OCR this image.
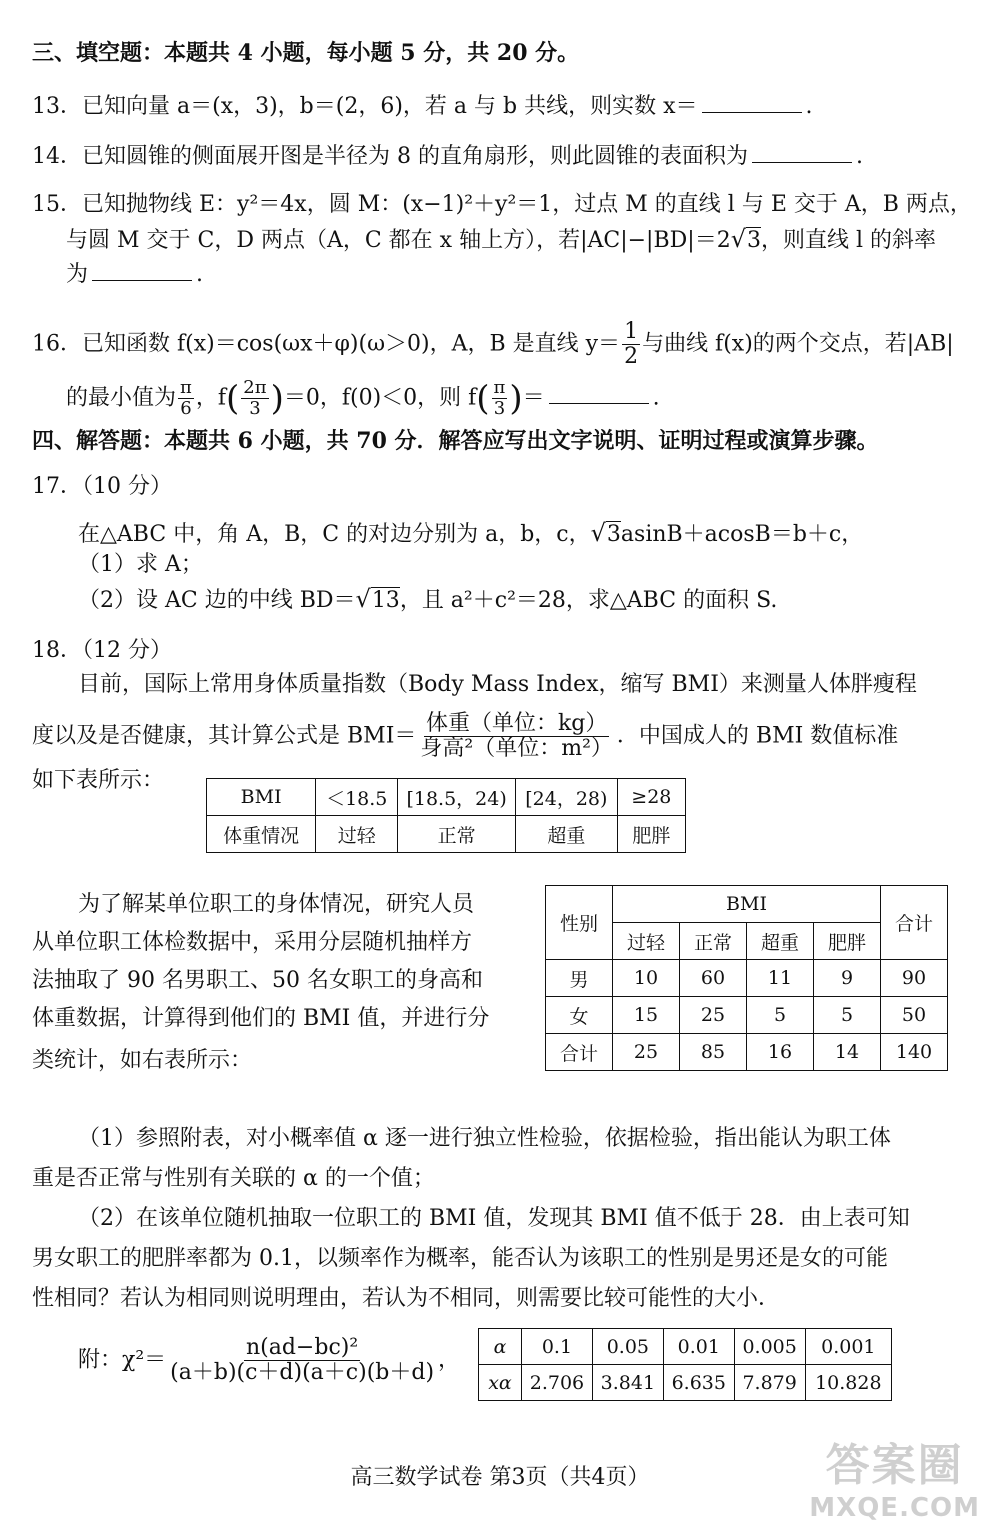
三、填空题：本题共 4 小题，每小题 5 分，共 20 分。
13．已知向量 a＝(x，3)，b＝(2，6)，若 a 与 b 共线，则实数 x＝	.
14．已知圆锥的侧面展开图是半径为 8 的直角扇形，则此圆锥的表面积为	.
15．已知抛物线 E：y²＝4x，圆 M：(x−1)²＋y²＝1，过点 M 的直线 l 与 E 交于 A，B 两点，
与圆 M 交于 C，D 两点（A，C 都在 x 轴上方），若|AC|−|BD|＝2√3，则直线 l 的斜率
为	.
16．已知函数 f(x)＝cos(ωx＋φ)(ω＞0)，A，B 是直线 $y= \frac{1}{2}$ 与曲线 f(x)的两个交点，若|AB|
的最小值为 $\frac{\pi}{6}$ ，$f( \frac{2\pi}{3} )=0$，f(0)＜0，则 $f( \frac{\pi}{3}$ )＝	.
四、解答题：本题共 6 小题，共 70 分．解答应写出文字说明、证明过程或演算步骤。
17．（10 分）
在△ABC 中，角 A，B，C 的对边分别为 a，b，c，√3asinB＋acosB＝b＋c，
（1）求 A；
（2）设 AC 边的中线 BD＝√13，且 a²＋c²＝28，求△ABC 的面积 S.
18．（12 分）
目前，国际上常用身体质量指数（Body Mass Index，缩写 BMI）来测量人体胖瘦程
度以及是否健康，其计算公式是 $BMI= \frac{\text{体重（单位：kg）}}{\text{身高²（单位：m²）}}$ ．中国成人的 BMI 数值标准
如下表所示：
BMI	＜18.5	[18.5，24)	[24，28)	≥28
体重情况	过轻	正常	超重	肥胖
为了解某单位职工的身体情况，研究人员
从单位职工体检数据中，采用分层随机抽样方
法抽取了 90 名男职工、50 名女职工的身高和
体重数据，计算得到他们的 BMI 值，并进行分
类统计，如右表所示：
性别	BMI				合计
	过轻	正常	超重	肥胖	
男	10	60	11	9	90
女	15	25	5	5	50
合计	25	85	16	14	140
（1）参照附表，对小概率值 α 逐一进行独立性检验，依据检验，指出能认为职工体
重是否正常与性别有关联的 α 的一个值；
（2）在该单位随机抽取一位职工的 BMI 值，发现其 BMI 值不低于 28．由上表可知
男女职工的肥胖率都为 0.1，以频率作为概率，能否认为该职工的性别是男还是女的可能
性相同？若认为相同则说明理由，若认为不相同，则需要比较可能性的大小．
附：$\chi^2= \frac{\text{n(ad−bc)²}}{(a+b)(c+d)(a+c)(b+d)}$ ，
α	0.1	0.05	0.01	0.005	0.001
xα	2.706	3.841	6.635	7.879	10.828
高三数学试卷 第3页（共4页）	答案圈
MXQE.COM
